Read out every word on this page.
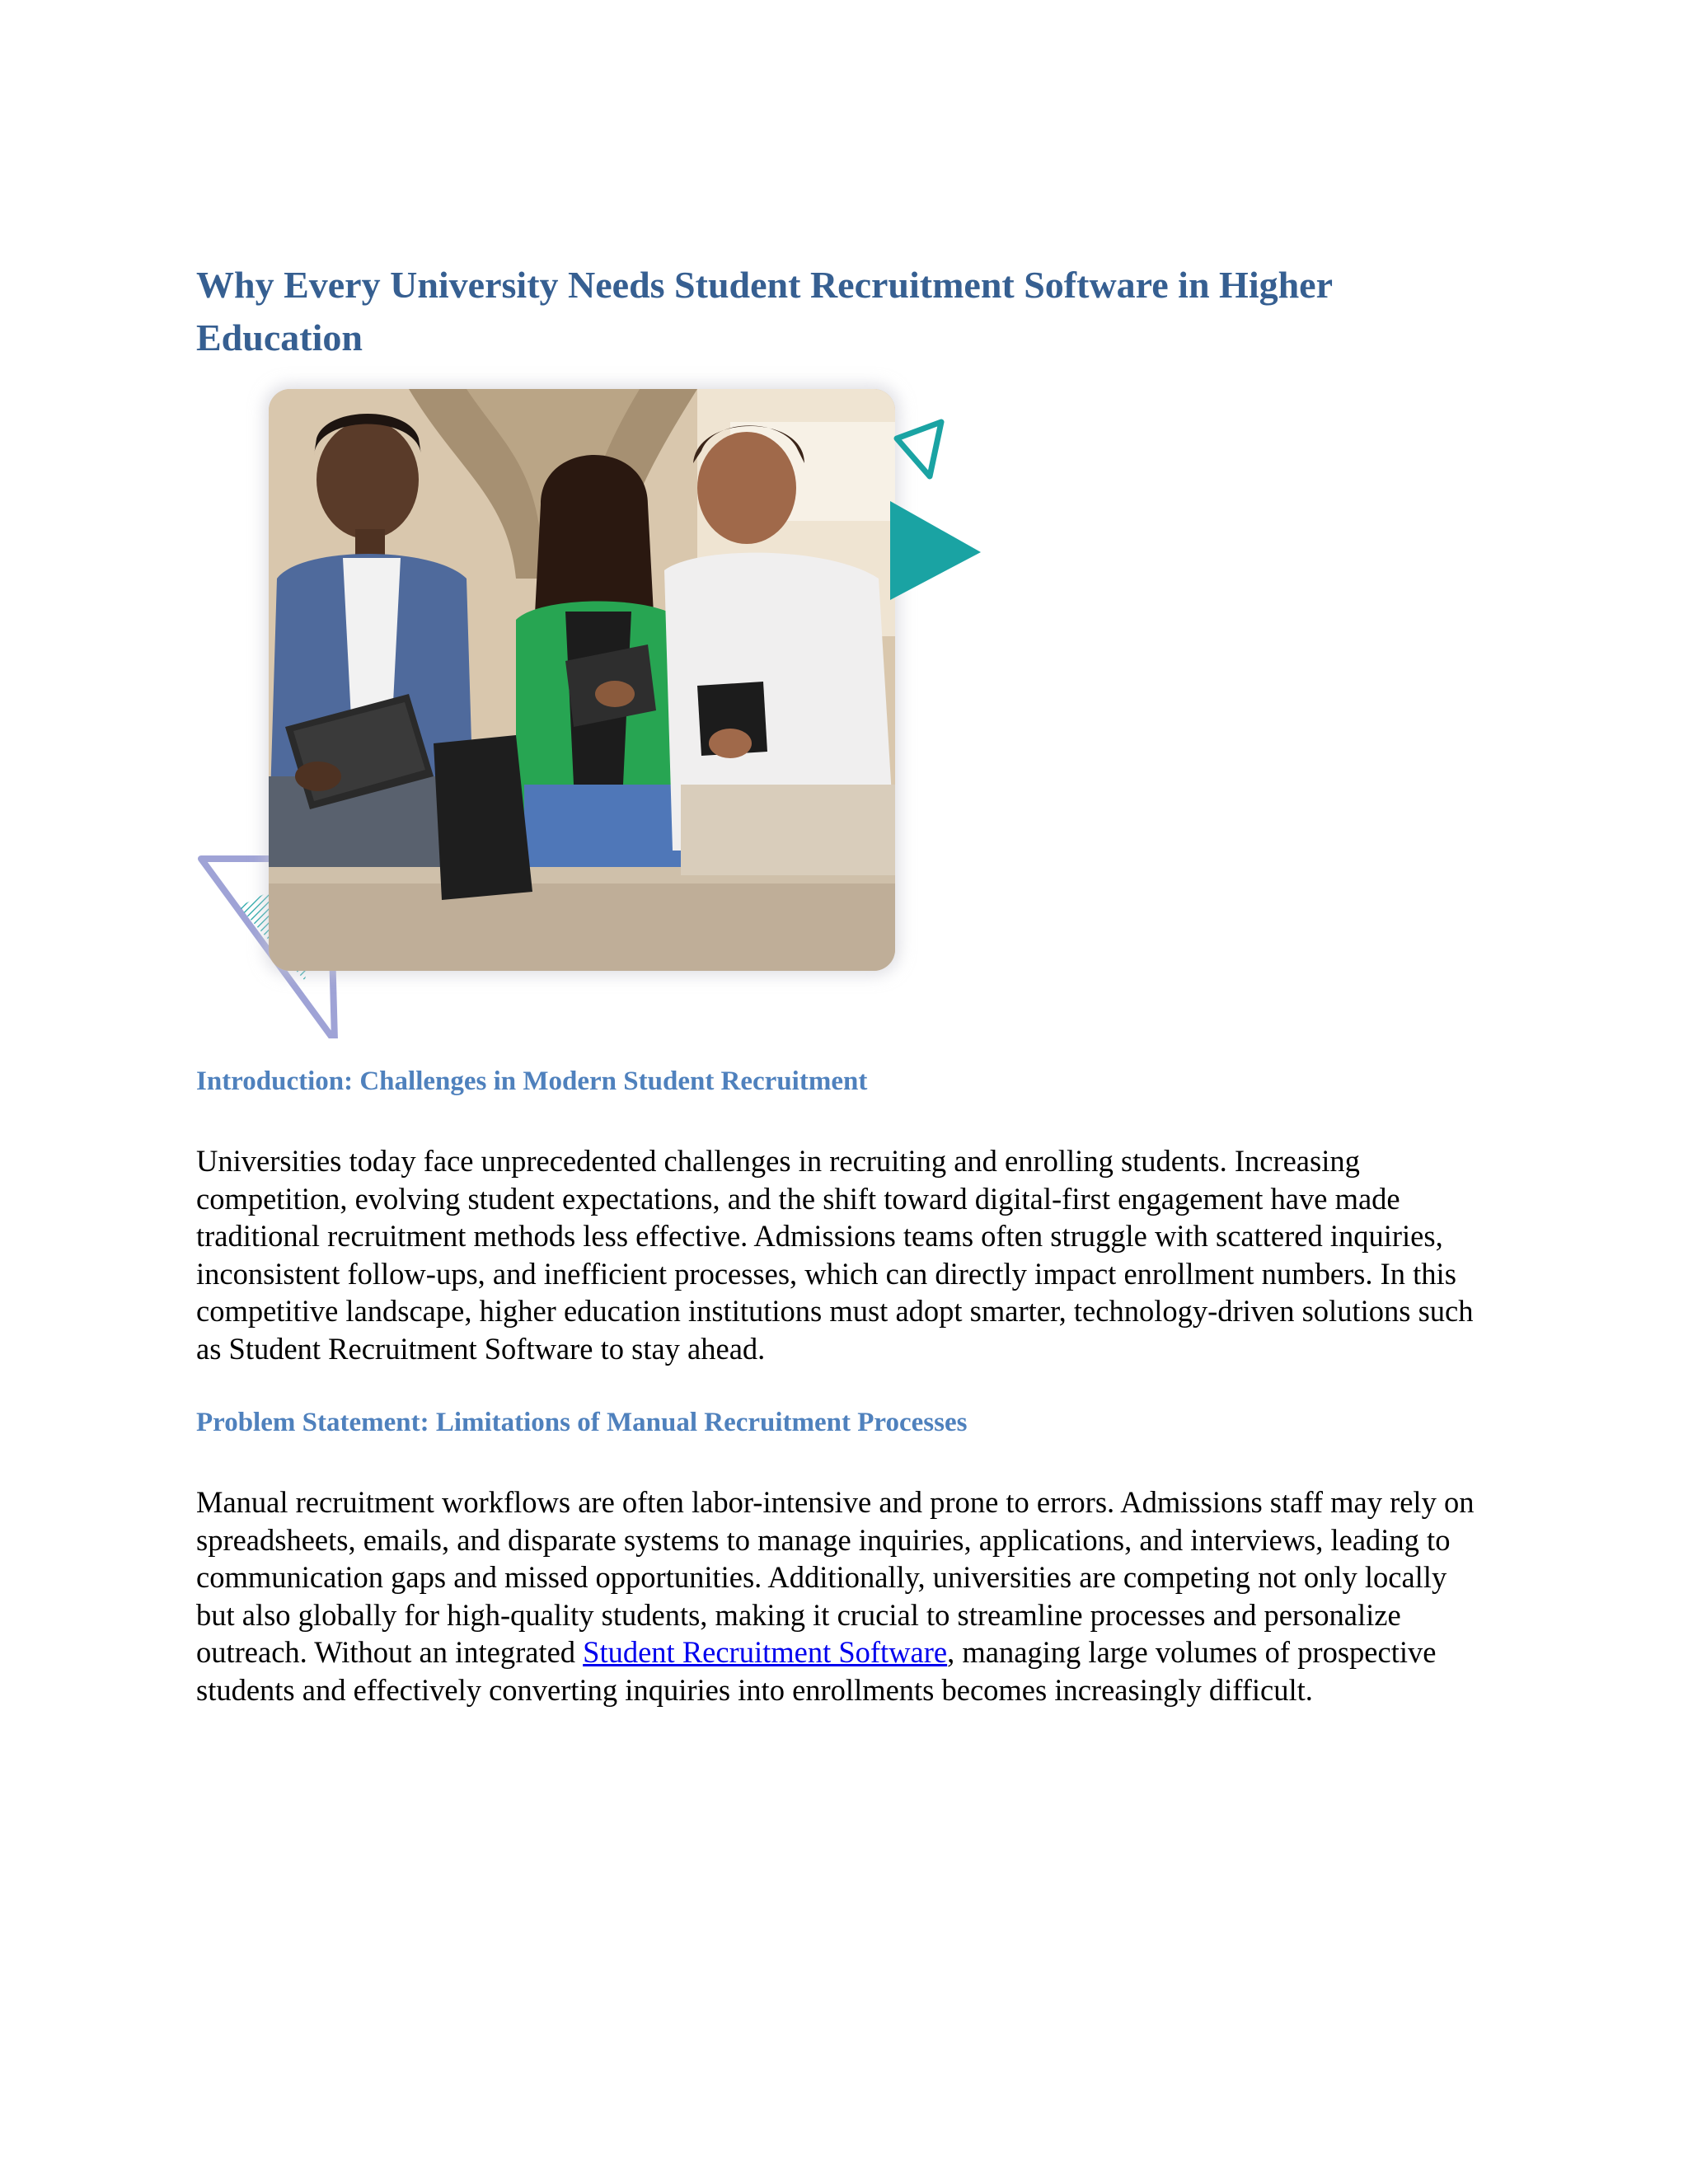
Why Every University Needs Student Recruitment Software in Higher Education
Introduction: Challenges in Modern Student Recruitment

Universities today face unprecedented challenges in recruiting and enrolling students. Increasing competition, evolving student expectations, and the shift toward digital-first engagement have made traditional recruitment methods less effective. Admissions teams often struggle with scattered inquiries, inconsistent follow-ups, and inefficient processes, which can directly impact enrollment numbers. In this competitive landscape, higher education institutions must adopt smarter, technology-driven solutions such as Student Recruitment Software to stay ahead.

Problem Statement: Limitations of Manual Recruitment Processes

Manual recruitment workflows are often labor-intensive and prone to errors. Admissions staff may rely on spreadsheets, emails, and disparate systems to manage inquiries, applications, and interviews, leading to communication gaps and missed opportunities. Additionally, universities are competing not only locally but also globally for high-quality students, making it crucial to streamline processes and personalize outreach. Without an integrated Student Recruitment Software, managing large volumes of prospective students and effectively converting inquiries into enrollments becomes increasingly difficult.
